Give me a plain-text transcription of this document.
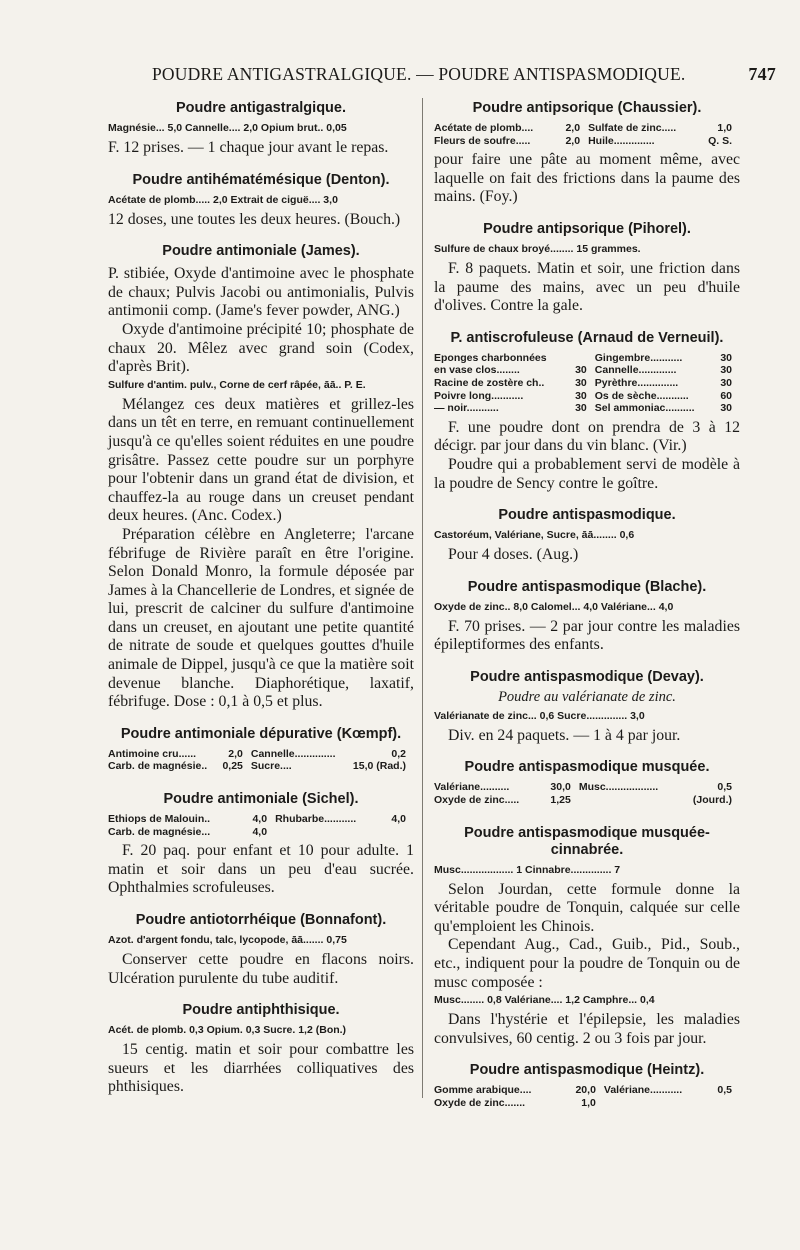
POUDRE ANTIGASTRALGIQUE. — POUDRE ANTISPASMODIQUE.	747
Poudre antigastralgique.
Magnésie... 5,0 Cannelle.... 2,0 Opium brut.. 0,05

F. 12 prises. — 1 chaque jour avant le repas.

Poudre antihématémésique (Denton).
Acétate de plomb..... 2,0 Extrait de ciguë.... 3,0

12 doses, une toutes les deux heures. (Bouch.)

Poudre antimoniale (James).

P. stibiée, Oxyde d'antimoine avec le phosphate de chaux; Pulvis Jacobi ou antimonialis, Pulvis antimonii comp. (Jame's fever powder, ANG.)

Oxyde d'antimoine précipité 10; phosphate de chaux 20. Mêlez avec grand soin (Codex, d'après Brit).

Sulfure d'antim. pulv., Corne de cerf râpée, āā.. P. E.

Mélangez ces deux matières et grillez-les dans un têt en terre, en remuant continuellement jusqu'à ce qu'elles soient réduites en une poudre grisâtre. Passez cette poudre sur un porphyre pour l'obtenir dans un grand état de division, et chauffez-la au rouge dans un creuset pendant deux heures. (Anc. Codex.)

Préparation célèbre en Angleterre; l'arcane fébrifuge de Rivière paraît en être l'origine. Selon Donald Monro, la formule déposée par James à la Chancellerie de Londres, et signée de lui, prescrit de calciner du sulfure d'antimoine dans un creuset, en ajoutant une petite quantité de nitrate de soude et quelques gouttes d'huile animale de Dippel, jusqu'à ce que la matière soit devenue blanche. Diaphorétique, laxatif, fébrifuge. Dose : 0,1 à 0,5 et plus.

Poudre antimoniale dépurative (Kœmpf).
Antimoine cru......	2,0	Cannelle..............	0,2
Carb. de magnésie..	0,25	Sucre....	15,0 (Rad.)
Poudre antimoniale (Sichel).
Ethiops de Malouin..	4,0	Rhubarbe...........	4,0
Carb. de magnésie...	4,0		

F. 20 paq. pour enfant et 10 pour adulte. 1 matin et soir dans un peu d'eau sucrée. Ophthalmies scrofuleuses.

Poudre antiotorrhéique (Bonnafont).
Azot. d'argent fondu, talc, lycopode, āā....... 0,75

Conserver cette poudre en flacons noirs. Ulcération purulente du tube auditif.

Poudre antiphthisique.
Acét. de plomb. 0,3 Opium. 0,3 Sucre. 1,2 (Bon.)

15 centig. matin et soir pour combattre les sueurs et les diarrhées colliquatives des phthisiques.

Poudre antipsorique (Chaussier).
Acétate de plomb....	2,0	Sulfate de zinc.....	1,0
Fleurs de soufre.....	2,0	Huile..............	Q. S.

pour faire une pâte au moment même, avec laquelle on fait des frictions dans la paume des mains. (Foy.)

Poudre antipsorique (Pihorel).
Sulfure de chaux broyé........ 15 grammes.

F. 8 paquets. Matin et soir, une friction dans la paume des mains, avec un peu d'huile d'olives. Contre la gale.

P. antiscrofuleuse (Arnaud de Verneuil).
Eponges charbonnées		Gingembre...........	30
en vase clos........	30	Cannelle.............	30
Racine de zostère ch..	30	Pyrèthre..............	30
Poivre long...........	30	Os de sèche...........	60
— noir...........	30	Sel ammoniac..........	30

F. une poudre dont on prendra de 3 à 12 décigr. par jour dans du vin blanc. (Vir.)

Poudre qui a probablement servi de modèle à la poudre de Sency contre le goître.

Poudre antispasmodique.
Castoréum, Valériane, Sucre, āā........ 0,6

Pour 4 doses. (Aug.)

Poudre antispasmodique (Blache).
Oxyde de zinc.. 8,0 Calomel... 4,0 Valériane... 4,0

F. 70 prises. — 2 par jour contre les maladies épileptiformes des enfants.

Poudre antispasmodique (Devay).
Poudre au valérianate de zinc.
Valérianate de zinc... 0,6 Sucre.............. 3,0

Div. en 24 paquets. — 1 à 4 par jour.

Poudre antispasmodique musquée.
Valériane..........	30,0	Musc..................	0,5
Oxyde de zinc.....	1,25		(Jourd.)
Poudre antispasmodique musquée-cinnabrée.
Musc.................. 1 Cinnabre.............. 7

Selon Jourdan, cette formule donne la véritable poudre de Tonquin, calquée sur celle qu'emploient les Chinois.

Cependant Aug., Cad., Guib., Pid., Soub., etc., indiquent pour la poudre de Tonquin ou de musc composée :

Musc........ 0,8 Valériane.... 1,2 Camphre... 0,4

Dans l'hystérie et l'épilepsie, les maladies convulsives, 60 centig. 2 ou 3 fois par jour.

Poudre antispasmodique (Heintz).
Gomme arabique....	20,0	Valériane...........	0,5
Oxyde de zinc.......	1,0		
